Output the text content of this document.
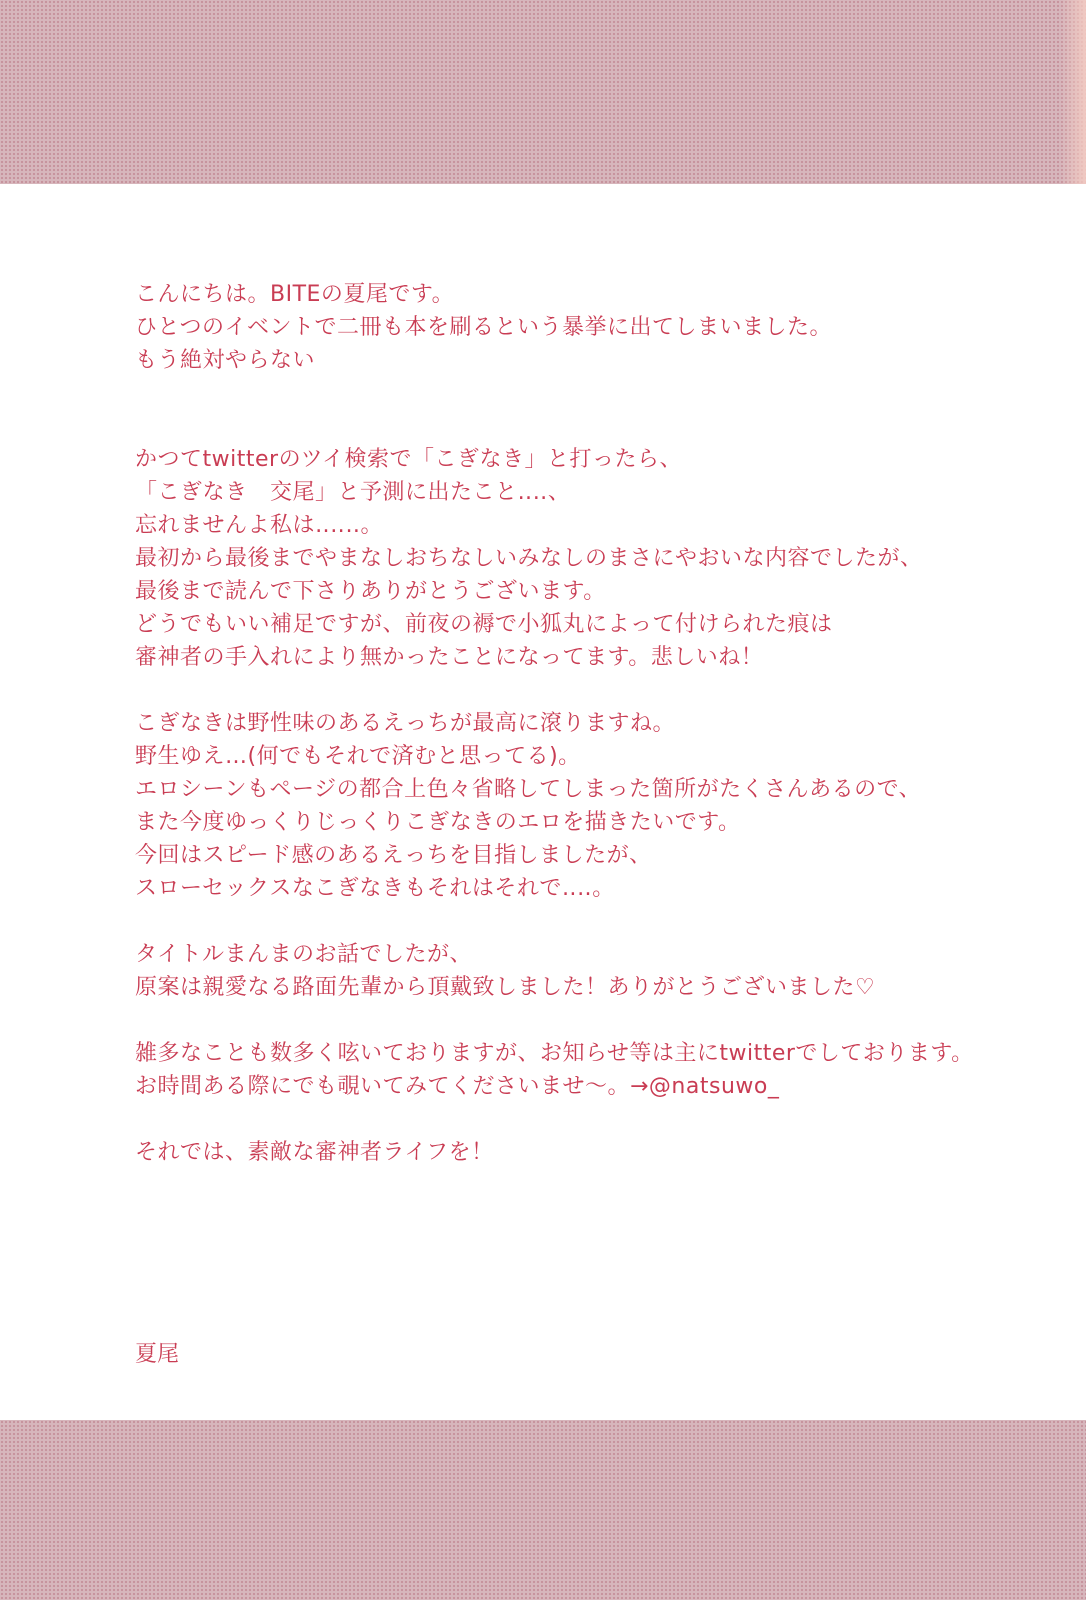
こんにちは。BITEの夏尾です。
ひとつのイベントで二冊も本を刷るという暴挙に出てしまいました。
もう絶対やらない
かつてtwitterのツイ検索で「こぎなき」と打ったら、
「こぎなき　交尾」と予測に出たこと‥‥、
忘れませんよ私は‥‥‥。
最初から最後までやまなしおちなしいみなしのまさにやおいな内容でしたが、
最後まで読んで下さりありがとうございます。
どうでもいい補足ですが、前夜の褥で小狐丸によって付けられた痕は
審神者の手入れにより無かったことになってます。悲しいね！
こぎなきは野性味のあるえっちが最高に滾りますね。
野生ゆえ…(何でもそれで済むと思ってる)。
エロシーンもページの都合上色々省略してしまった箇所がたくさんあるので、
また今度ゆっくりじっくりこぎなきのエロを描きたいです。
今回はスピード感のあるえっちを目指しましたが、
スローセックスなこぎなきもそれはそれで‥‥。
タイトルまんまのお話でしたが、
原案は親愛なる路面先輩から頂戴致しました！ありがとうございました♡
雑多なことも数多く呟いておりますが、お知らせ等は主にtwitterでしております。
お時間ある際にでも覗いてみてくださいませ〜。→@natsuwo_
それでは、素敵な審神者ライフを！
夏尾
